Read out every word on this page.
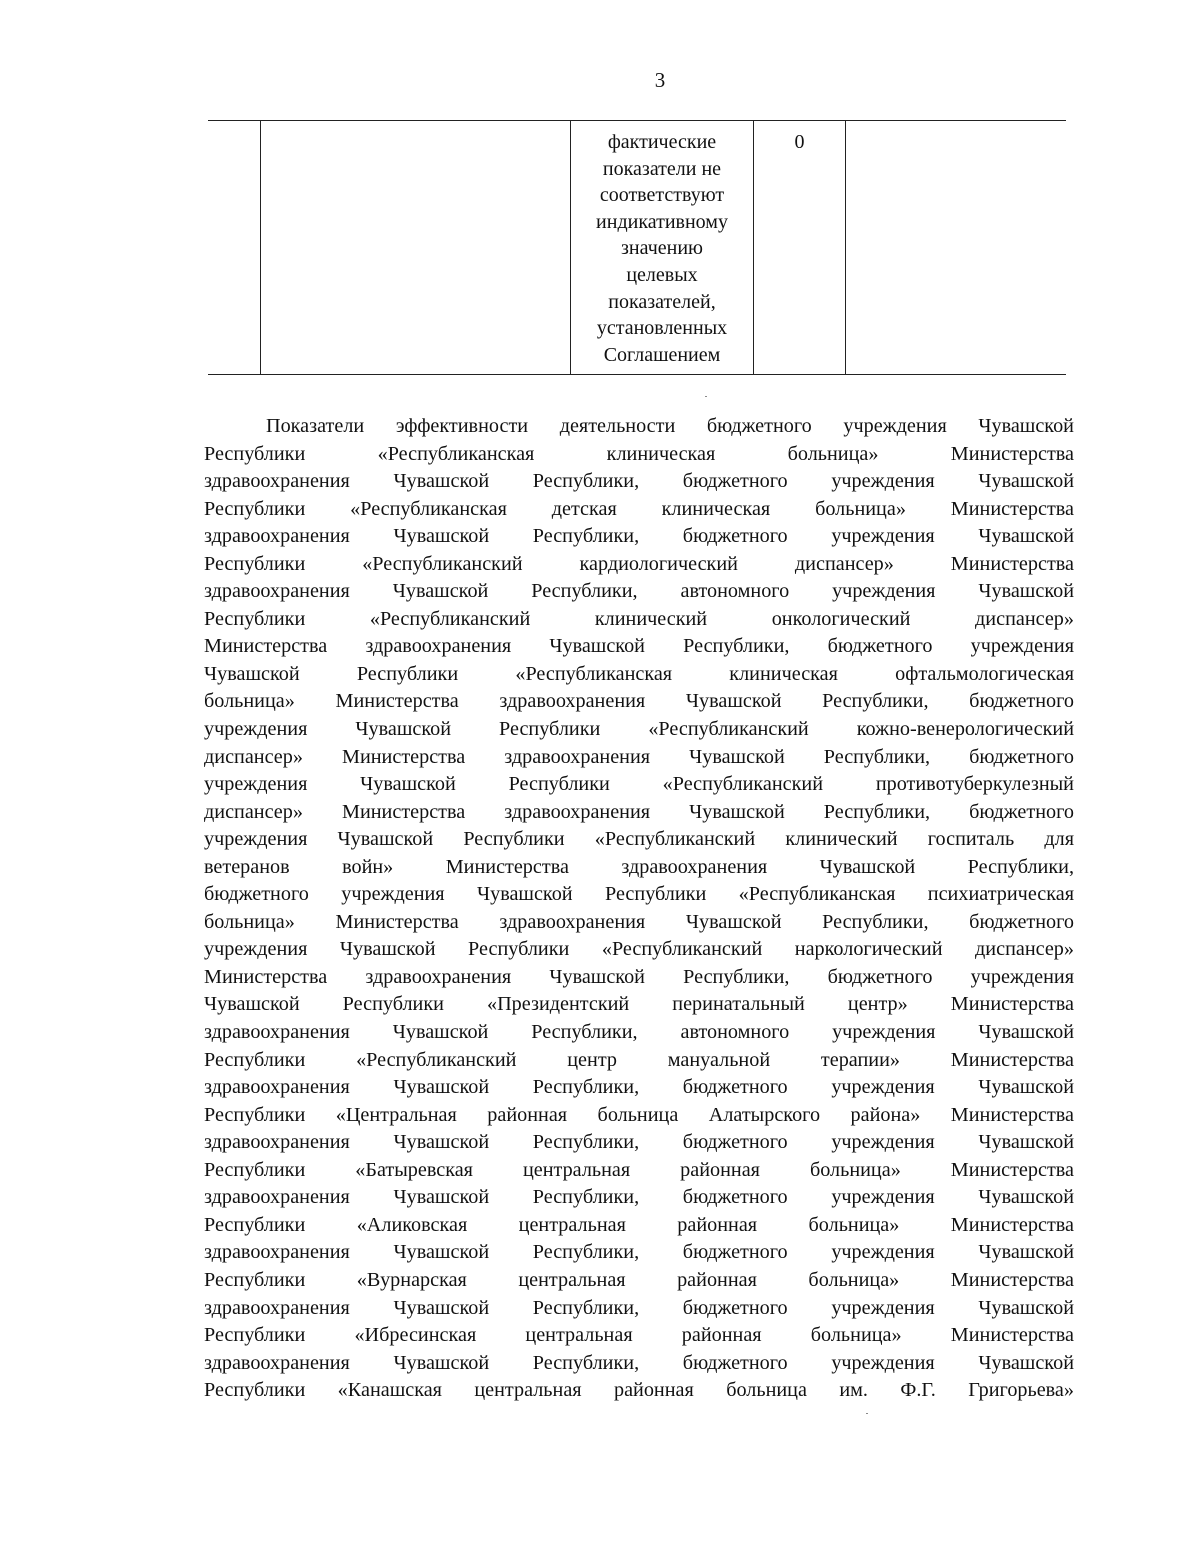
3

фактические
показатели не
соответствуют
индикативному
значению
целевых
показателей,
установленных
Соглашением
	0	
Показатели эффективности деятельности бюджетного учреждения Чувашской
Республики «Республиканская клиническая больница» Министерства
здравоохранения Чувашской Республики, бюджетного учреждения Чувашской
Республики «Республиканская детская клиническая больница» Министерства
здравоохранения Чувашской Республики, бюджетного учреждения Чувашской
Республики «Республиканский кардиологический диспансер» Министерства
здравоохранения Чувашской Республики, автономного учреждения Чувашской
Республики «Республиканский клинический онкологический диспансер»
Министерства здравоохранения Чувашской Республики, бюджетного учреждения
Чувашской Республики «Республиканская клиническая офтальмологическая
больница» Министерства здравоохранения Чувашской Республики, бюджетного
учреждения Чувашской Республики «Республиканский кожно-венерологический
диспансер» Министерства здравоохранения Чувашской Республики, бюджетного
учреждения Чувашской Республики «Республиканский противотуберкулезный
диспансер» Министерства здравоохранения Чувашской Республики, бюджетного
учреждения Чувашской Республики «Республиканский клинический госпиталь для
ветеранов войн» Министерства здравоохранения Чувашской Республики,
бюджетного учреждения Чувашской Республики «Республиканская психиатрическая
больница» Министерства здравоохранения Чувашской Республики, бюджетного
учреждения Чувашской Республики «Республиканский наркологический диспансер»
Министерства здравоохранения Чувашской Республики, бюджетного учреждения
Чувашской Республики «Президентский перинатальный центр» Министерства
здравоохранения Чувашской Республики, автономного учреждения Чувашской
Республики «Республиканский центр мануальной терапии» Министерства
здравоохранения Чувашской Республики, бюджетного учреждения Чувашской
Республики «Центральная районная больница Алатырского района» Министерства
здравоохранения Чувашской Республики, бюджетного учреждения Чувашской
Республики «Батыревская центральная районная больница» Министерства
здравоохранения Чувашской Республики, бюджетного учреждения Чувашской
Республики «Аликовская центральная районная больница» Министерства
здравоохранения Чувашской Республики, бюджетного учреждения Чувашской
Республики «Вурнарская центральная районная больница» Министерства
здравоохранения Чувашской Республики, бюджетного учреждения Чувашской
Республики «Ибресинская центральная районная больница» Министерства
здравоохранения Чувашской Республики, бюджетного учреждения Чувашской
Республики «Канашская центральная районная больница им. Ф.Г. Григорьева»
